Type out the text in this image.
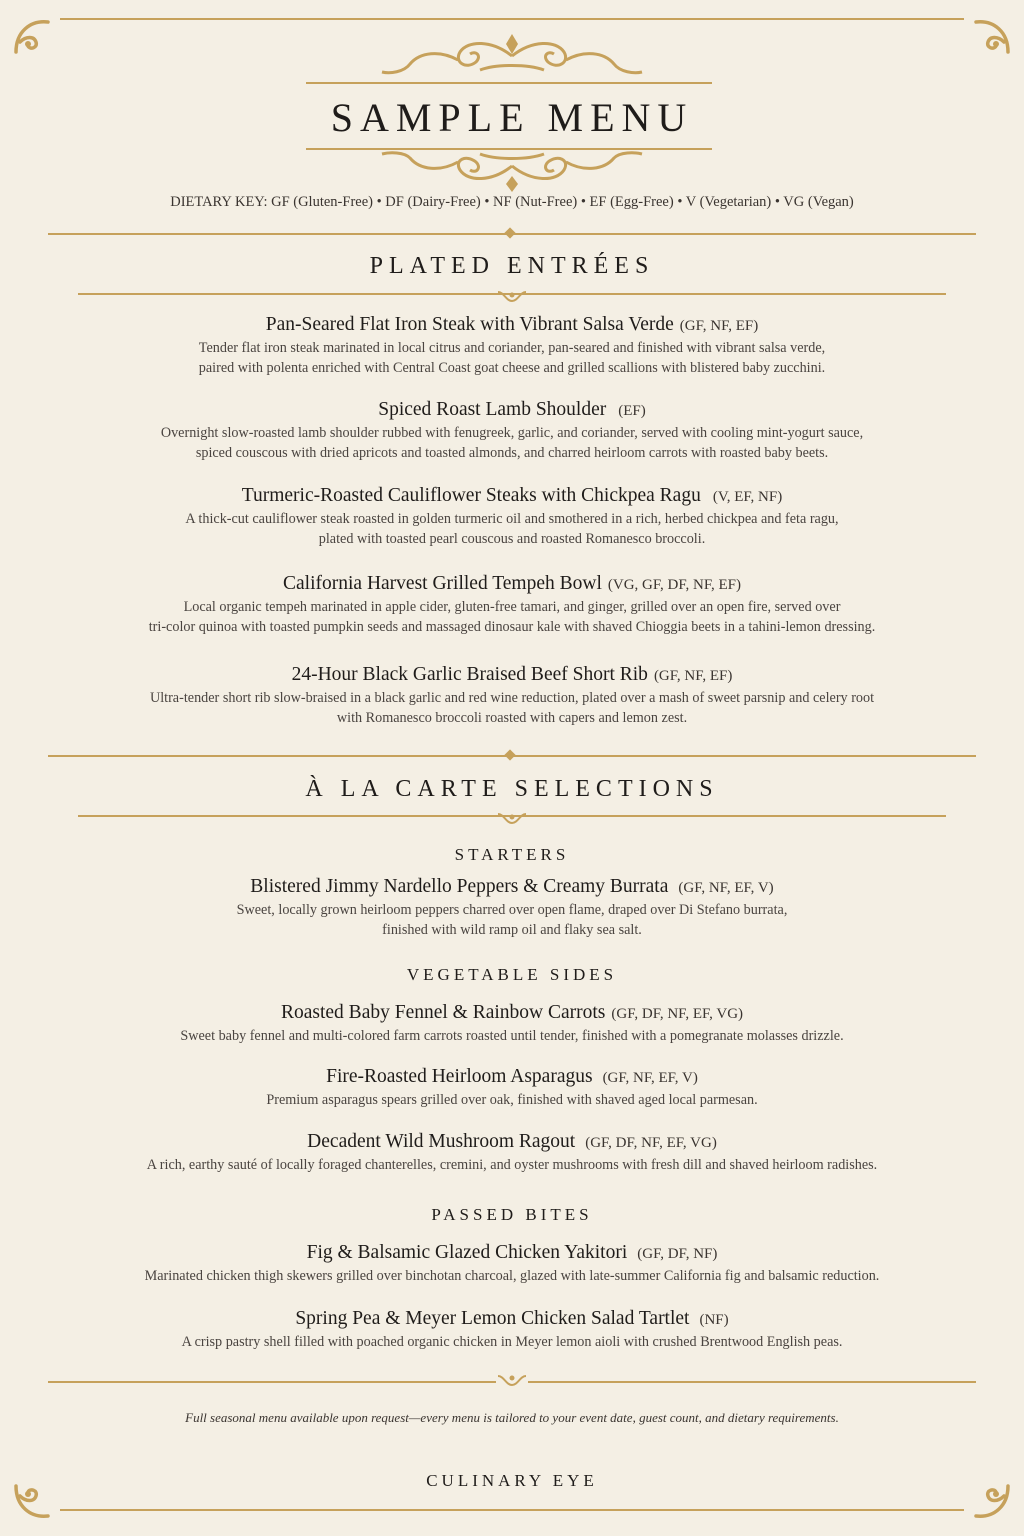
SAMPLE MENU
DIETARY KEY: GF (Gluten-Free) • DF (Dairy-Free) • NF (Nut-Free) • EF (Egg-Free) • V (Vegetarian) • VG (Vegan)
PLATED ENTRÉES
Pan-Seared Flat Iron Steak with Vibrant Salsa Verde (GF, NF, EF)
Tender flat iron steak marinated in local citrus and coriander, pan-seared and finished with vibrant salsa verde,
paired with polenta enriched with Central Coast goat cheese and grilled scallions with blistered baby zucchini.
Spiced Roast Lamb Shoulder (EF)
Overnight slow-roasted lamb shoulder rubbed with fenugreek, garlic, and coriander, served with cooling mint-yogurt sauce,
spiced couscous with dried apricots and toasted almonds, and charred heirloom carrots with roasted baby beets.
Turmeric-Roasted Cauliflower Steaks with Chickpea Ragu (V, EF, NF)
A thick-cut cauliflower steak roasted in golden turmeric oil and smothered in a rich, herbed chickpea and feta ragu,
plated with toasted pearl couscous and roasted Romanesco broccoli.
California Harvest Grilled Tempeh Bowl (VG, GF, DF, NF, EF)
Local organic tempeh marinated in apple cider, gluten-free tamari, and ginger, grilled over an open fire, served over
tri-color quinoa with toasted pumpkin seeds and massaged dinosaur kale with shaved Chioggia beets in a tahini-lemon dressing.
24-Hour Black Garlic Braised Beef Short Rib (GF, NF, EF)
Ultra-tender short rib slow-braised in a black garlic and red wine reduction, plated over a mash of sweet parsnip and celery root
with Romanesco broccoli roasted with capers and lemon zest.
À LA CARTE SELECTIONS
STARTERS
Blistered Jimmy Nardello Peppers & Creamy Burrata (GF, NF, EF, V)
Sweet, locally grown heirloom peppers charred over open flame, draped over Di Stefano burrata,
finished with wild ramp oil and flaky sea salt.
VEGETABLE SIDES
Roasted Baby Fennel & Rainbow Carrots (GF, DF, NF, EF, VG)
Sweet baby fennel and multi-colored farm carrots roasted until tender, finished with a pomegranate molasses drizzle.
Fire-Roasted Heirloom Asparagus (GF, NF, EF, V)
Premium asparagus spears grilled over oak, finished with shaved aged local parmesan.
Decadent Wild Mushroom Ragout (GF, DF, NF, EF, VG)
A rich, earthy sauté of locally foraged chanterelles, cremini, and oyster mushrooms with fresh dill and shaved heirloom radishes.
PASSED BITES
Fig & Balsamic Glazed Chicken Yakitori (GF, DF, NF)
Marinated chicken thigh skewers grilled over binchotan charcoal, glazed with late-summer California fig and balsamic reduction.
Spring Pea & Meyer Lemon Chicken Salad Tartlet (NF)
A crisp pastry shell filled with poached organic chicken in Meyer lemon aioli with crushed Brentwood English peas.
Full seasonal menu available upon request—every menu is tailored to your event date, guest count, and dietary requirements.
CULINARY EYE
